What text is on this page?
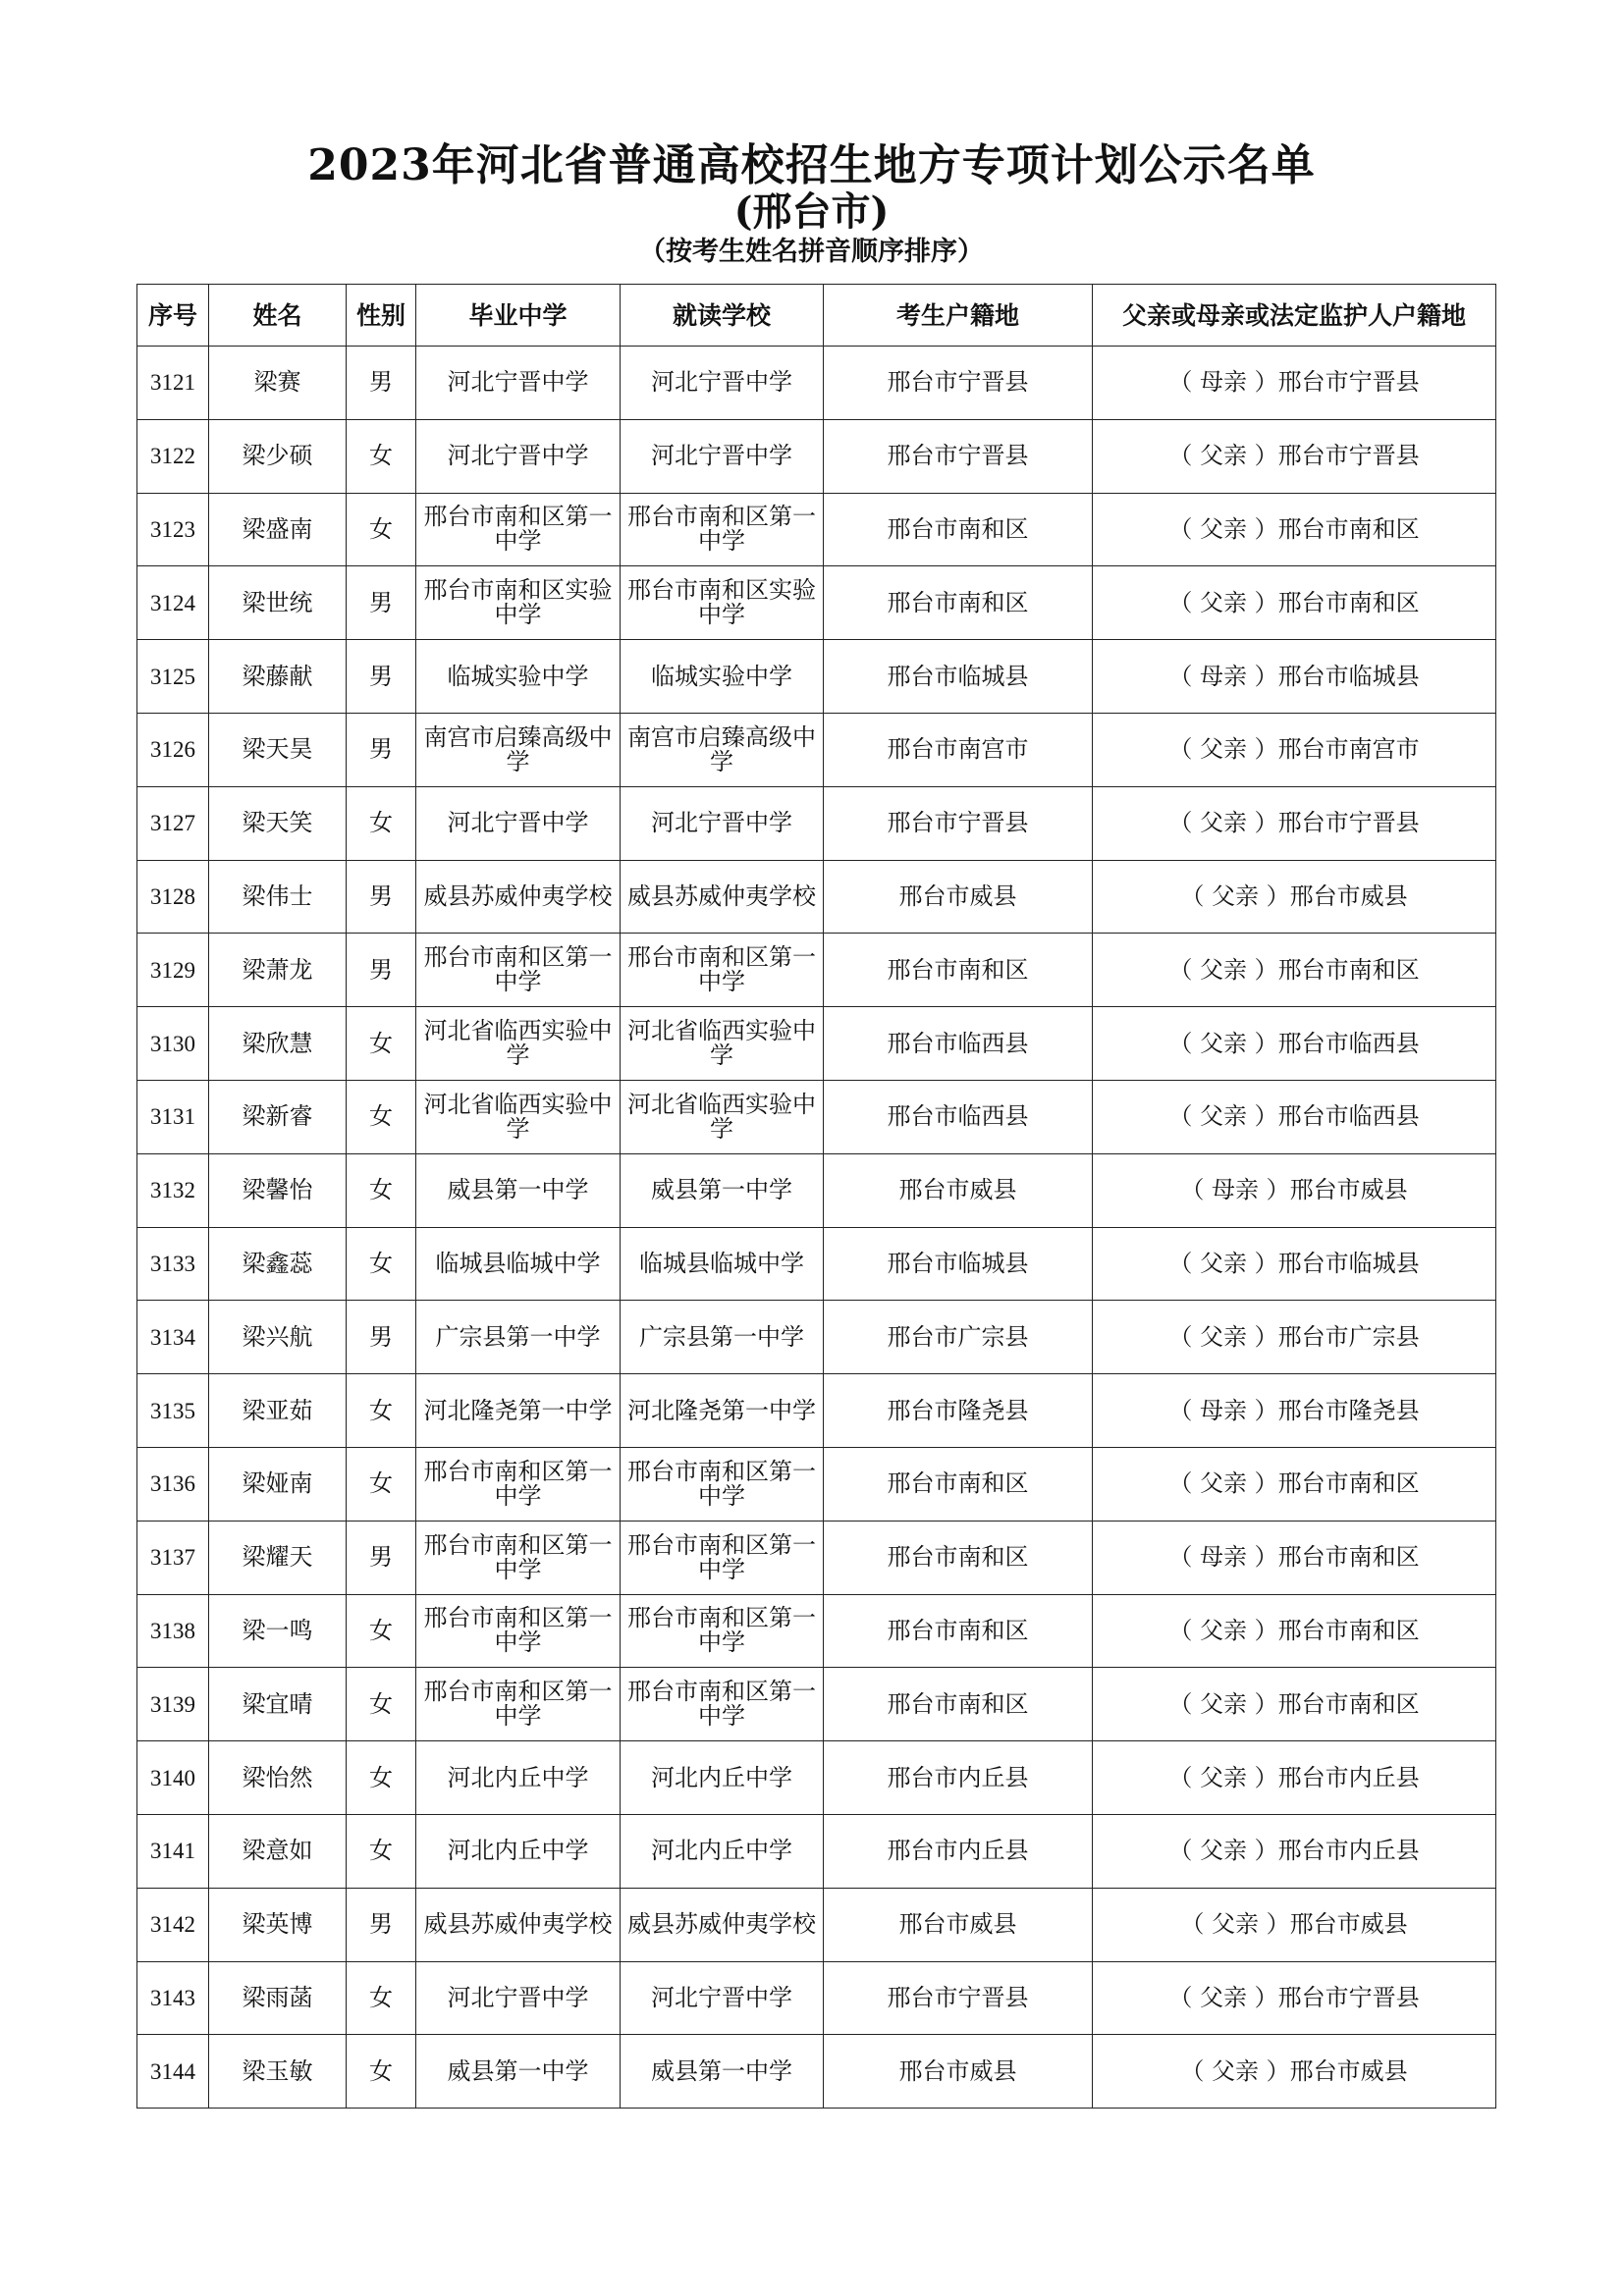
2023年河北省普通高校招生地方专项计划公示名单
(邢台市)
（按考生姓名拼音顺序排序）
序号	姓名	性别	毕业中学	就读学校	考生户籍地	父亲或母亲或法定监护人户籍地
3121	梁赛	男	河北宁晋中学	河北宁晋中学	邢台市宁晋县	（ 母亲 ）邢台市宁晋县
3122	梁少硕	女	河北宁晋中学	河北宁晋中学	邢台市宁晋县	（ 父亲 ）邢台市宁晋县
3123	梁盛南	女	邢台市南和区第一中学	邢台市南和区第一中学	邢台市南和区	（ 父亲 ）邢台市南和区
3124	梁世统	男	邢台市南和区实验中学	邢台市南和区实验中学	邢台市南和区	（ 父亲 ）邢台市南和区
3125	梁藤献	男	临城实验中学	临城实验中学	邢台市临城县	（ 母亲 ）邢台市临城县
3126	梁天昊	男	南宫市启臻高级中学	南宫市启臻高级中学	邢台市南宫市	（ 父亲 ）邢台市南宫市
3127	梁天笑	女	河北宁晋中学	河北宁晋中学	邢台市宁晋县	（ 父亲 ）邢台市宁晋县
3128	梁伟士	男	威县苏威仲夷学校	威县苏威仲夷学校	邢台市威县	（ 父亲 ）邢台市威县
3129	梁萧龙	男	邢台市南和区第一中学	邢台市南和区第一中学	邢台市南和区	（ 父亲 ）邢台市南和区
3130	梁欣慧	女	河北省临西实验中学	河北省临西实验中学	邢台市临西县	（ 父亲 ）邢台市临西县
3131	梁新睿	女	河北省临西实验中学	河北省临西实验中学	邢台市临西县	（ 父亲 ）邢台市临西县
3132	梁馨怡	女	威县第一中学	威县第一中学	邢台市威县	（ 母亲 ）邢台市威县
3133	梁鑫蕊	女	临城县临城中学	临城县临城中学	邢台市临城县	（ 父亲 ）邢台市临城县
3134	梁兴航	男	广宗县第一中学	广宗县第一中学	邢台市广宗县	（ 父亲 ）邢台市广宗县
3135	梁亚茹	女	河北隆尧第一中学	河北隆尧第一中学	邢台市隆尧县	（ 母亲 ）邢台市隆尧县
3136	梁娅南	女	邢台市南和区第一中学	邢台市南和区第一中学	邢台市南和区	（ 父亲 ）邢台市南和区
3137	梁耀天	男	邢台市南和区第一中学	邢台市南和区第一中学	邢台市南和区	（ 母亲 ）邢台市南和区
3138	梁一鸣	女	邢台市南和区第一中学	邢台市南和区第一中学	邢台市南和区	（ 父亲 ）邢台市南和区
3139	梁宜晴	女	邢台市南和区第一中学	邢台市南和区第一中学	邢台市南和区	（ 父亲 ）邢台市南和区
3140	梁怡然	女	河北内丘中学	河北内丘中学	邢台市内丘县	（ 父亲 ）邢台市内丘县
3141	梁意如	女	河北内丘中学	河北内丘中学	邢台市内丘县	（ 父亲 ）邢台市内丘县
3142	梁英博	男	威县苏威仲夷学校	威县苏威仲夷学校	邢台市威县	（ 父亲 ）邢台市威县
3143	梁雨菡	女	河北宁晋中学	河北宁晋中学	邢台市宁晋县	（ 父亲 ）邢台市宁晋县
3144	梁玉敏	女	威县第一中学	威县第一中学	邢台市威县	（ 父亲 ）邢台市威县
